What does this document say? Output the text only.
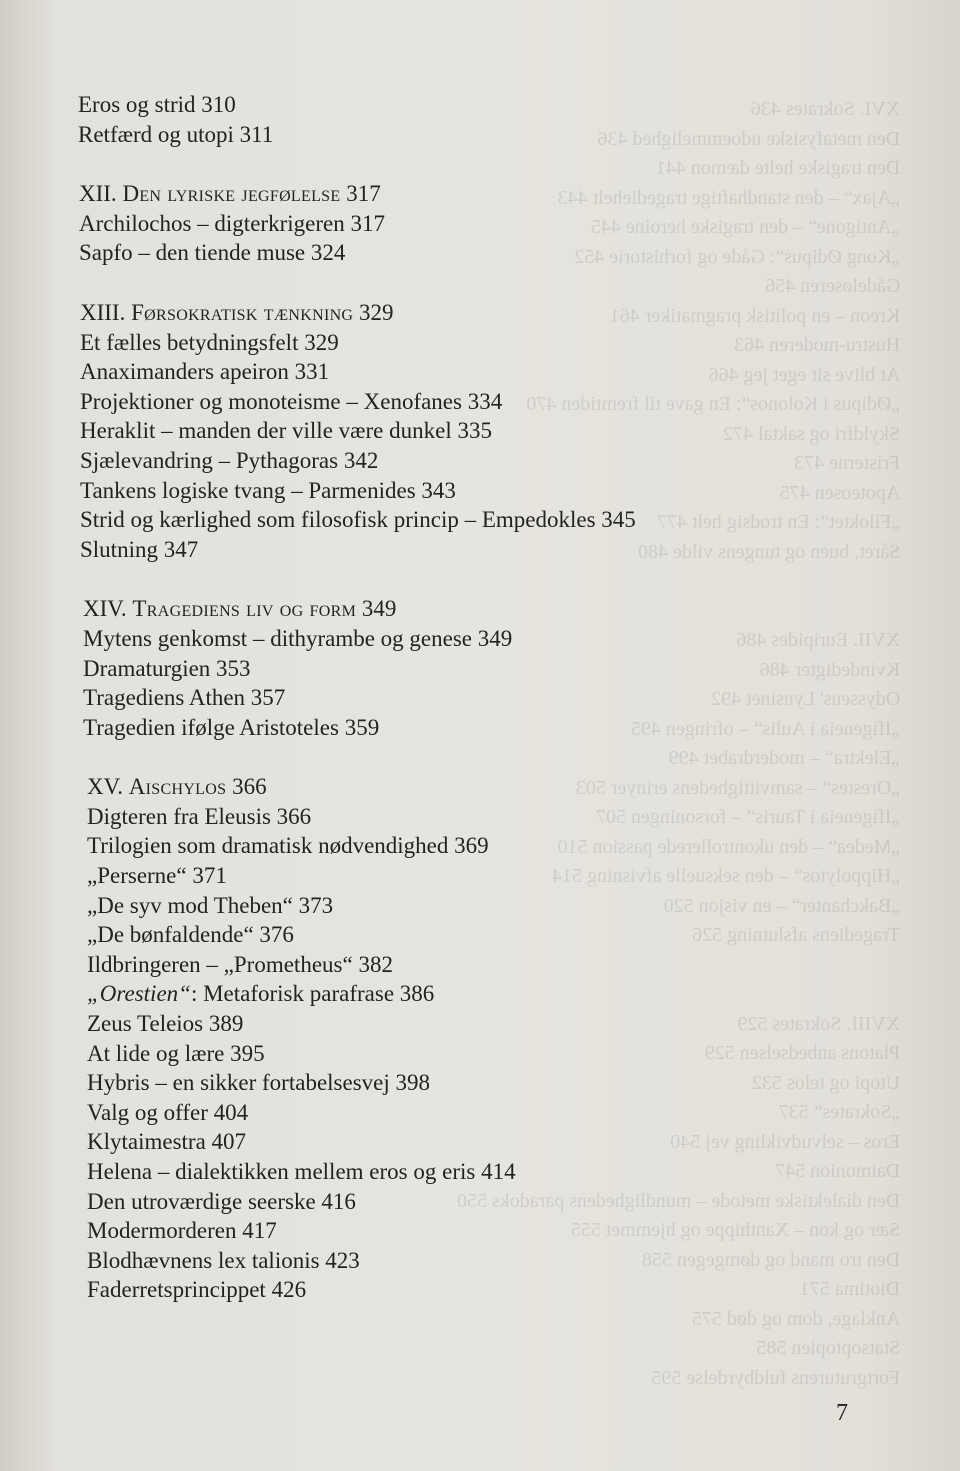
XVI. Sokrates 436
Den metafysiske udoemmelighed 436
Den tragiske helte dæmon 441
„Ajax“ – den standhaftige tragediehelt 443
„Antigone“ – den tragiske heroine 445
„Kong Ødipus“: Gåde og forhistorie 452
Gådeløseren 456
Kreon – en politisk pragmatiker 461
Hustru-moderen 463
At blive sit eget jeg 466
„Ødipus i Kolonos“: En gave til fremtiden 470
Skyldfri og saktal 472
Fristerne 473
Apoteosen 475
„Filoktet“: En trodsig helt 477
Såret, buen og tungens vilde 480

XVII. Euripides 486
Kvindedigter 486
Odysseus' Lynsinet 492
„Ifigeneia i Aulis“ – ofringen 495
„Elektra“ – moderdrabet 499
„Orestes“ – samvittighedens erinyer 503
„Ifigeneia i Tauris“ – forsoningen 507
„Medea“ – den ukontrollerede passion 510
„Hippolytos“ – den seksuelle afvisning 514
„Bakchanter“ – en visjon 520
Tragediens afslutning 526

XVIII. Sokrates 529
Platons anbedselsen 529
Utopi og telos 532
„Sokrates“ 537
Eros – selvudvikling vej 540
Daimonion 547
Den dialektiske metode – mundlighedens paradoks 550
Sær og kon – Xanthippe og hjemmet 555
Den tro mand og dømgegen 558
Diotima 571
Anklage, dom og død 575
Statsoptopien 585
Fortgruturens fuldbyrdelse 595
Eros og strid 310
Retfærd og utopi 311
XII. Den lyriske jegfølelse 317
Archilochos – digterkrigeren 317
Sapfo – den tiende muse 324
XIII. Førsokratisk tænkning 329
Et fælles betydningsfelt 329
Anaximanders apeiron 331
Projektioner og monoteisme – Xenofanes 334
Heraklit – manden der ville være dunkel 335
Sjælevandring – Pythagoras 342
Tankens logiske tvang – Parmenides 343
Strid og kærlighed som filosofisk princip – Empedokles 345
Slutning 347
XIV. Tragediens liv og form 349
Mytens genkomst – dithyrambe og genese 349
Dramaturgien 353
Tragediens Athen 357
Tragedien ifølge Aristoteles 359
XV. Aischylos 366
Digteren fra Eleusis 366
Trilogien som dramatisk nødvendighed 369
„Perserne“ 371
„De syv mod Theben“ 373
„De bønfaldende“ 376
Ildbringeren – „Prometheus“ 382
„Orestien“: Metaforisk parafrase 386
Zeus Teleios 389
At lide og lære 395
Hybris – en sikker fortabelsesvej 398
Valg og offer 404
Klytaimestra 407
Helena – dialektikken mellem eros og eris 414
Den utroværdige seerske 416
Modermorderen 417
Blodhævnens lex talionis 423
Faderretsprincippet 426
7
